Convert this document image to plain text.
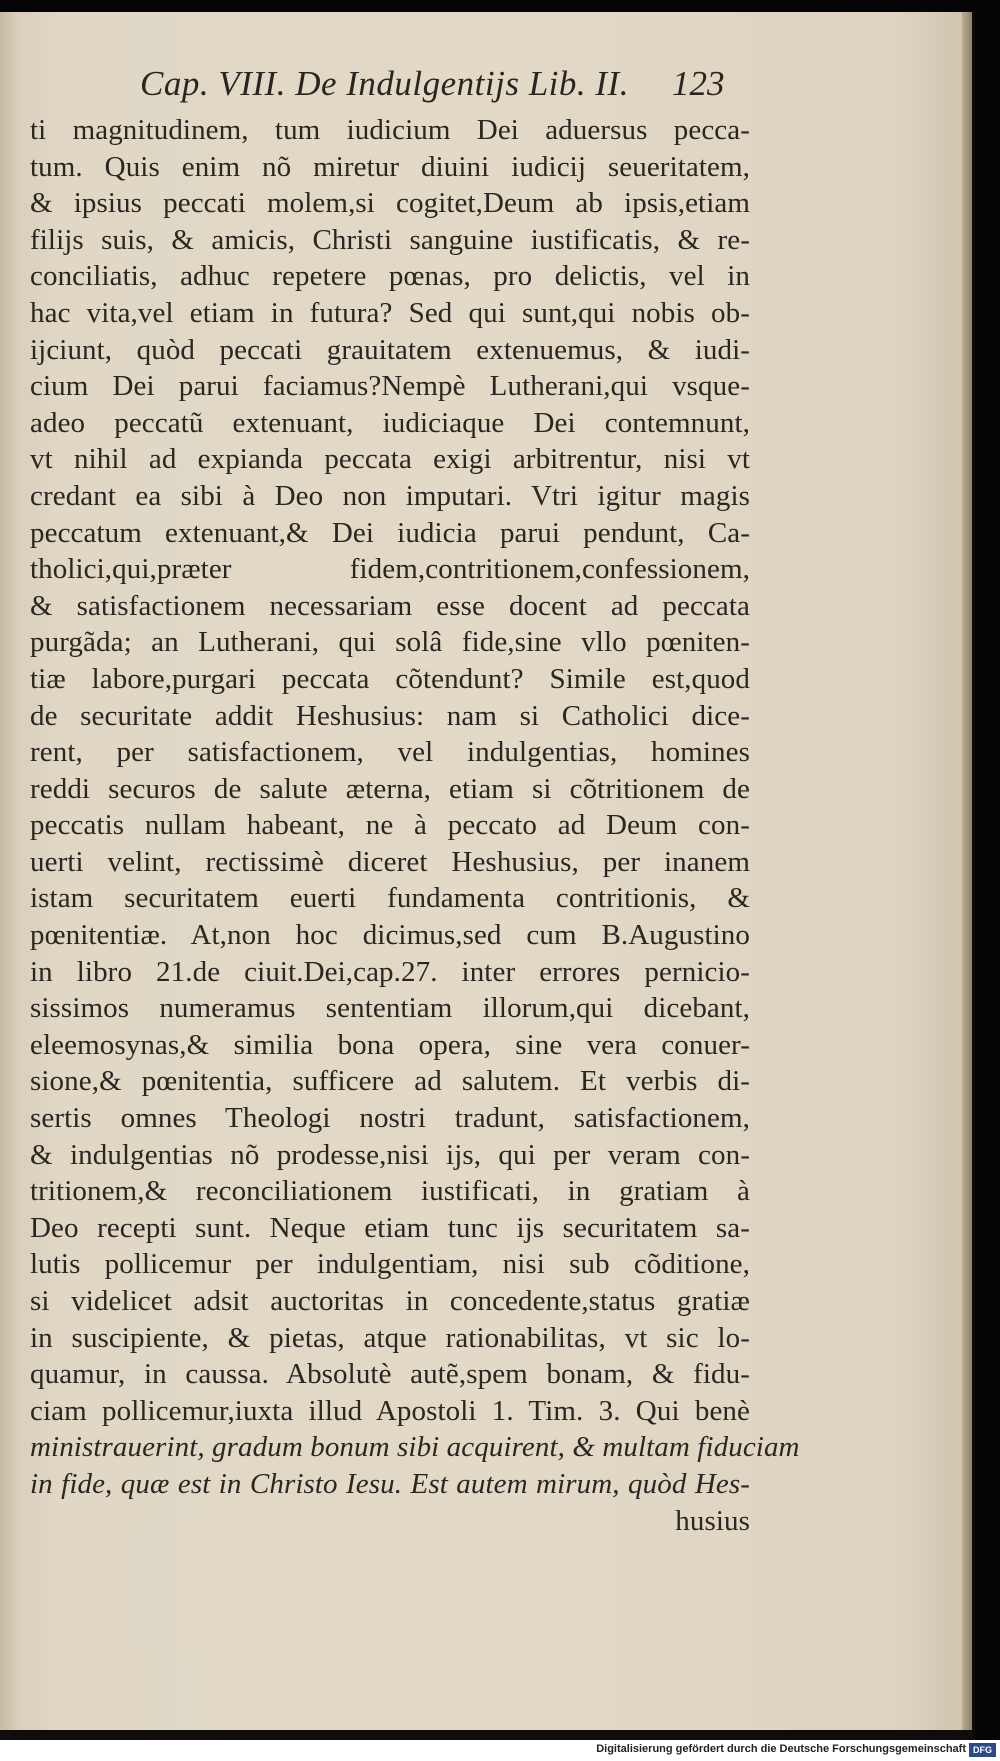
Cap. VIII. De Indulgentijs Lib. II. 123
ti magnitudinem, tum iudicium Dei aduersus pecca-
tum. Quis enim nõ miretur diuini iudicij seueritatem,
& ipsius peccati molem,si cogitet,Deum ab ipsis,etiam
filijs suis, & amicis, Christi sanguine iustificatis, & re-
conciliatis, adhuc repetere pœnas, pro delictis, vel in
hac vita,vel etiam in futura? Sed qui sunt,qui nobis ob-
ijciunt, quòd peccati grauitatem extenuemus, & iudi-
cium Dei parui faciamus?Nempè Lutherani,qui vsque-
adeo peccatũ extenuant, iudiciaque Dei contemnunt,
vt nihil ad expianda peccata exigi arbitrentur, nisi vt
credant ea sibi à Deo non imputari. Vtri igitur magis
peccatum extenuant,& Dei iudicia parui pendunt, Ca-
tholici,qui,præter fidem,contritionem,confessionem,
& satisfactionem necessariam esse docent ad peccata
purgãda; an Lutherani, qui solâ fide,sine vllo pœniten-
tiæ labore,purgari peccata cõtendunt? Simile est,quod
de securitate addit Heshusius: nam si Catholici dice-
rent, per satisfactionem, vel indulgentias, homines
reddi securos de salute æterna, etiam si cõtritionem de
peccatis nullam habeant, ne à peccato ad Deum con-
uerti velint, rectissimè diceret Heshusius, per inanem
istam securitatem euerti fundamenta contritionis, &
pœnitentiæ. At,non hoc dicimus,sed cum B.Augustino
in libro 21.de ciuit.Dei,cap.27. inter errores pernicio-
sissimos numeramus sententiam illorum,qui dicebant,
eleemosynas,& similia bona opera, sine vera conuer-
sione,& pœnitentia, sufficere ad salutem. Et verbis di-
sertis omnes Theologi nostri tradunt, satisfactionem,
& indulgentias nõ prodesse,nisi ijs, qui per veram con-
tritionem,& reconciliationem iustificati, in gratiam à
Deo recepti sunt. Neque etiam tunc ijs securitatem sa-
lutis pollicemur per indulgentiam, nisi sub cõditione,
si videlicet adsit auctoritas in concedente,status gratiæ
in suscipiente, & pietas, atque rationabilitas, vt sic lo-
quamur, in caussa. Absolutè autẽ,spem bonam, & fidu-
ciam pollicemur,iuxta illud Apostoli 1. Tim. 3. Qui benè
ministrauerint, gradum bonum sibi acquirent, & multam fiduciam
in fide, quæ est in Christo Iesu. Est autem mirum, quòd Hes-
husius
Digitalisierung gefördert durch die Deutsche Forschungsgemeinschaft DFG
